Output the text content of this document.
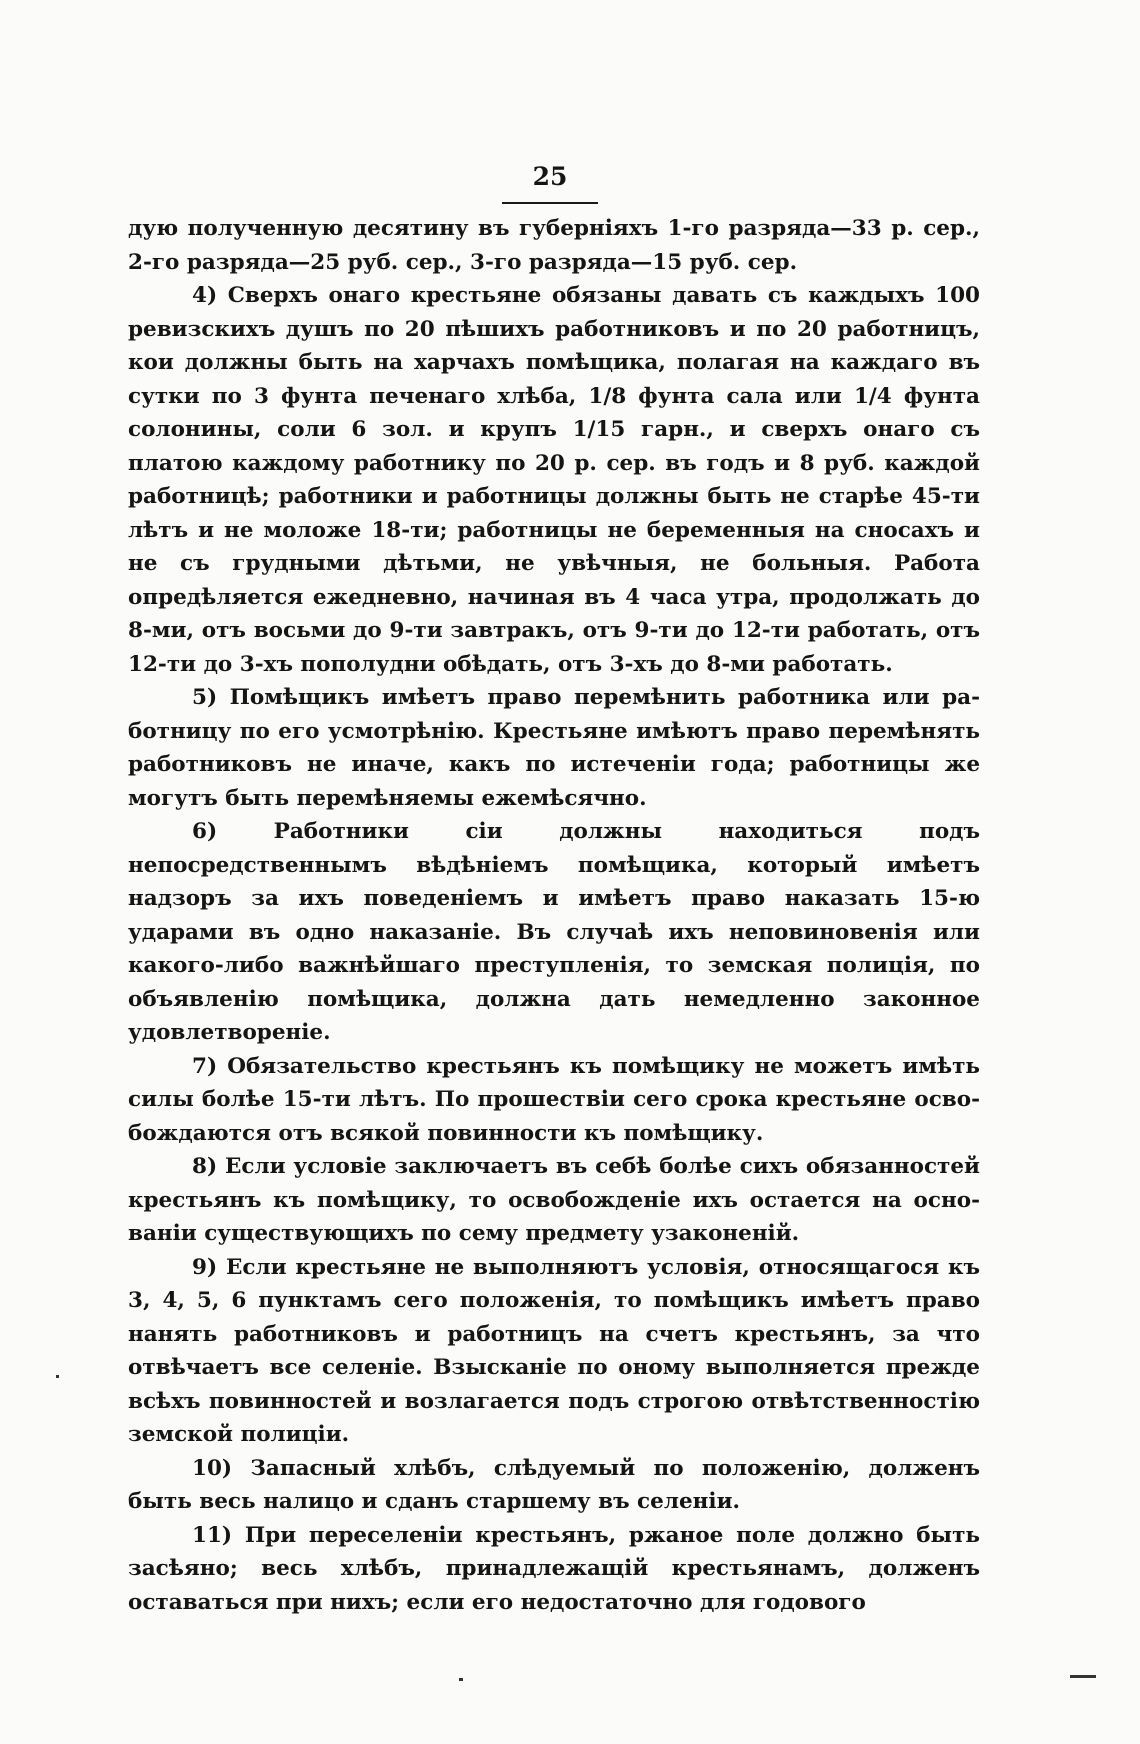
25

дую полученную десятину въ губерніяхъ 1-го разряда—33 р. сер., 2-го разряда—25 руб. сер., 3-го разряда—15 руб. сер.

4) Сверхъ онаго крестьяне обязаны давать съ каждыхъ 100 ревизскихъ душъ по 20 пѣшихъ работниковъ и по 20 работницъ, кои должны быть на харчахъ помѣщика, полагая на каждаго въ сутки по 3 фунта печенаго хлѣба, 1/8 фунта сала или 1/4 фунта солонины, соли 6 зол. и крупъ 1/15 гарн., и сверхъ онаго съ платою каждому работнику по 20 р. сер. въ годъ и 8 руб. каждой работницѣ; работники и работницы должны быть не старѣе 45-ти лѣтъ и не моложе 18-ти; работницы не беременныя на сносахъ и не съ грудными дѣтьми, не увѣчныя, не больныя. Работа опредѣляется ежедневно, начиная въ 4 часа утра, продолжать до 8-ми, отъ восьми до 9-ти завтракъ, отъ 9-ти до 12-ти работать, отъ 12-ти до 3-хъ пополудни обѣдать, отъ 3-хъ до 8-ми работать.

5) Помѣщикъ имѣетъ право перемѣнить работника или работницу по его усмотрѣнію. Крестьяне имѣютъ право перемѣнять работниковъ не иначе, какъ по истеченіи года; работницы же могутъ быть перемѣняемы ежемѣсячно.

6) Работники сіи должны находиться подъ непосредственнымъ вѣдѣніемъ помѣщика, который имѣетъ надзоръ за ихъ поведеніемъ и имѣетъ право наказать 15-ю ударами въ одно наказаніе. Въ случаѣ ихъ неповиновенія или какого-либо важнѣйшаго преступленія, то земская полиція, по объявленію помѣщика, должна дать немедленно законное удовлетвореніе.

7) Обязательство крестьянъ къ помѣщику не можетъ имѣть силы болѣе 15-ти лѣтъ. По прошествіи сего срока крестьяне освобождаются отъ всякой повинности къ помѣщику.

8) Если условіе заключаетъ въ себѣ болѣе сихъ обязанностей крестьянъ къ помѣщику, то освобожденіе ихъ остается на основаніи существующихъ по сему предмету узаконеній.

9) Если крестьяне не выполняютъ условія, относящагося къ 3, 4, 5, 6 пунктамъ сего положенія, то помѣщикъ имѣетъ право нанять работниковъ и работницъ на счетъ крестьянъ, за что отвѣчаетъ все селеніе. Взысканіе по оному выполняется прежде всѣхъ повинностей и возлагается подъ строгою отвѣтственностію земской полиціи.

10) Запасный хлѣбъ, слѣдуемый по положенію, долженъ быть весь налицо и сданъ старшему въ селеніи.

11) При переселеніи крестьянъ, ржаное поле должно быть засѣяно; весь хлѣбъ, принадлежащій крестьянамъ, долженъ оставаться при нихъ; если его недостаточно для годового
